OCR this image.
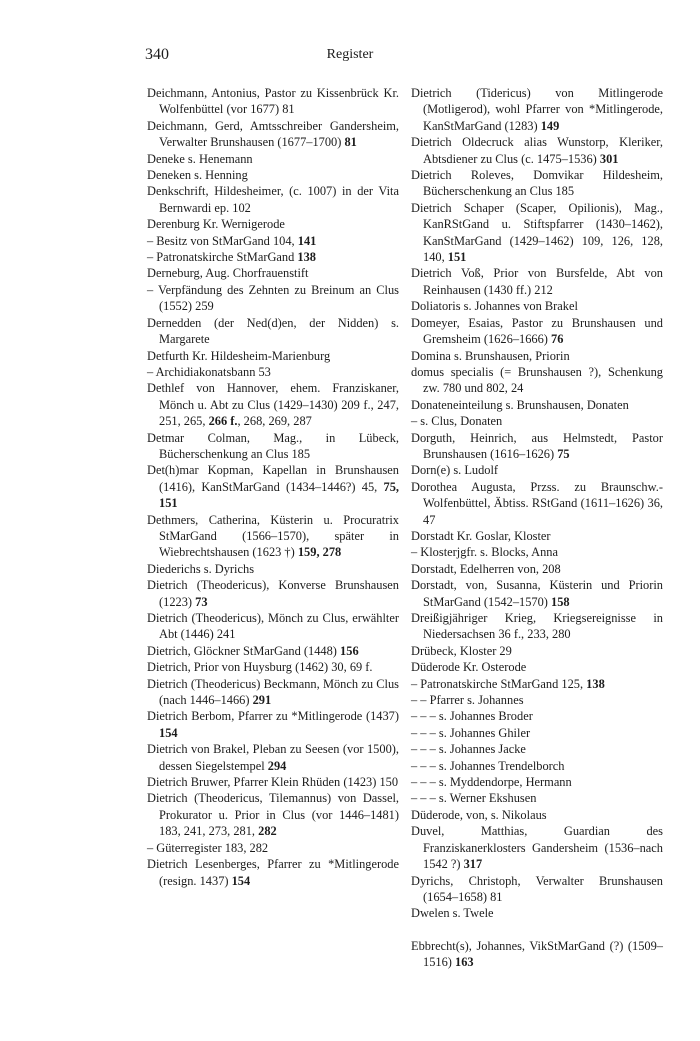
340	Register

Deichmann, Antonius, Pastor zu Kissenbrück Kr. Wolfenbüttel (vor 1677) 81

Deichmann, Gerd, Amtsschreiber Gandersheim, Verwalter Brunshausen (1677–1700) 81

Deneke s. Henemann

Deneken s. Henning

Denkschrift, Hildesheimer, (c. 1007) in der Vita Bernwardi ep. 102

Derenburg Kr. Wernigerode

– Besitz von StMarGand 104, 141

– Patronatskirche StMarGand 138

Derneburg, Aug. Chorfrauenstift

– Verpfändung des Zehnten zu Breinum an Clus (1552) 259

Dernedden (der Ned(d)en, der Nidden) s. Margarete

Detfurth Kr. Hildesheim-Marienburg

– Archidiakonatsbann 53

Dethlef von Hannover, ehem. Franziskaner, Mönch u. Abt zu Clus (1429–1430) 209 f., 247, 251, 265, 266 f., 268, 269, 287

Detmar Colman, Mag., in Lübeck, Bücherschenkung an Clus 185

Det(h)mar Kopman, Kapellan in Brunshausen (1416), KanStMarGand (1434–1446?) 45, 75, 151

Dethmers, Catherina, Küsterin u. Procuratrix StMarGand (1566–1570), später in Wiebrechtshausen (1623 †) 159, 278

Diederichs s. Dyrichs

Dietrich (Theodericus), Konverse Brunshausen (1223) 73

Dietrich (Theodericus), Mönch zu Clus, erwählter Abt (1446) 241

Dietrich, Glöckner StMarGand (1448) 156

Dietrich, Prior von Huysburg (1462) 30, 69 f.

Dietrich (Theodericus) Beckmann, Mönch zu Clus (nach 1446–1466) 291

Dietrich Berbom, Pfarrer zu *Mitlingerode (1437) 154

Dietrich von Brakel, Pleban zu Seesen (vor 1500), dessen Siegelstempel 294

Dietrich Bruwer, Pfarrer Klein Rhüden (1423) 150

Dietrich (Theodericus, Tilemannus) von Dassel, Prokurator u. Prior in Clus (vor 1446–1481) 183, 241, 273, 281, 282

– Güterregister 183, 282

Dietrich Lesenberges, Pfarrer zu *Mitlingerode (resign. 1437) 154

Dietrich (Tidericus) von Mitlingerode (Motligerod), wohl Pfarrer von *Mitlingerode, KanStMarGand (1283) 149

Dietrich Oldecruck alias Wunstorp, Kleriker, Abtsdiener zu Clus (c. 1475–1536) 301

Dietrich Roleves, Domvikar Hildesheim, Bücherschenkung an Clus 185

Dietrich Schaper (Scaper, Opilionis), Mag., KanRStGand u. Stiftspfarrer (1430–1462), KanStMarGand (1429–1462) 109, 126, 128, 140, 151

Dietrich Voß, Prior von Bursfelde, Abt von Reinhausen (1430 ff.) 212

Doliatoris s. Johannes von Brakel

Domeyer, Esaias, Pastor zu Brunshausen und Gremsheim (1626–1666) 76

Domina s. Brunshausen, Priorin

domus specialis (= Brunshausen ?), Schenkung zw. 780 und 802, 24

Donateneinteilung s. Brunshausen, Donaten

– s. Clus, Donaten

Dorguth, Heinrich, aus Helmstedt, Pastor Brunshausen (1616–1626) 75

Dorn(e) s. Ludolf

Dorothea Augusta, Przss. zu Braunschw.-Wolfenbüttel, Äbtiss. RStGand (1611–1626) 36, 47

Dorstadt Kr. Goslar, Kloster

– Klosterjgfr. s. Blocks, Anna

Dorstadt, Edelherren von, 208

Dorstadt, von, Susanna, Küsterin und Priorin StMarGand (1542–1570) 158

Dreißigjähriger Krieg, Kriegsereignisse in Niedersachsen 36 f., 233, 280

Drübeck, Kloster 29

Düderode Kr. Osterode

– Patronatskirche StMarGand 125, 138

– – Pfarrer s. Johannes

– – – s. Johannes Broder

– – – s. Johannes Ghiler

– – – s. Johannes Jacke

– – – s. Johannes Trendelborch

– – – s. Myddendorpe, Hermann

– – – s. Werner Ekshusen

Düderode, von, s. Nikolaus

Duvel, Matthias, Guardian des Franziskanerklosters Gandersheim (1536–nach 1542 ?) 317

Dyrichs, Christoph, Verwalter Brunshausen (1654–1658) 81

Dwelen s. Twele

Ebbrecht(s), Johannes, VikStMarGand (?) (1509–1516) 163
